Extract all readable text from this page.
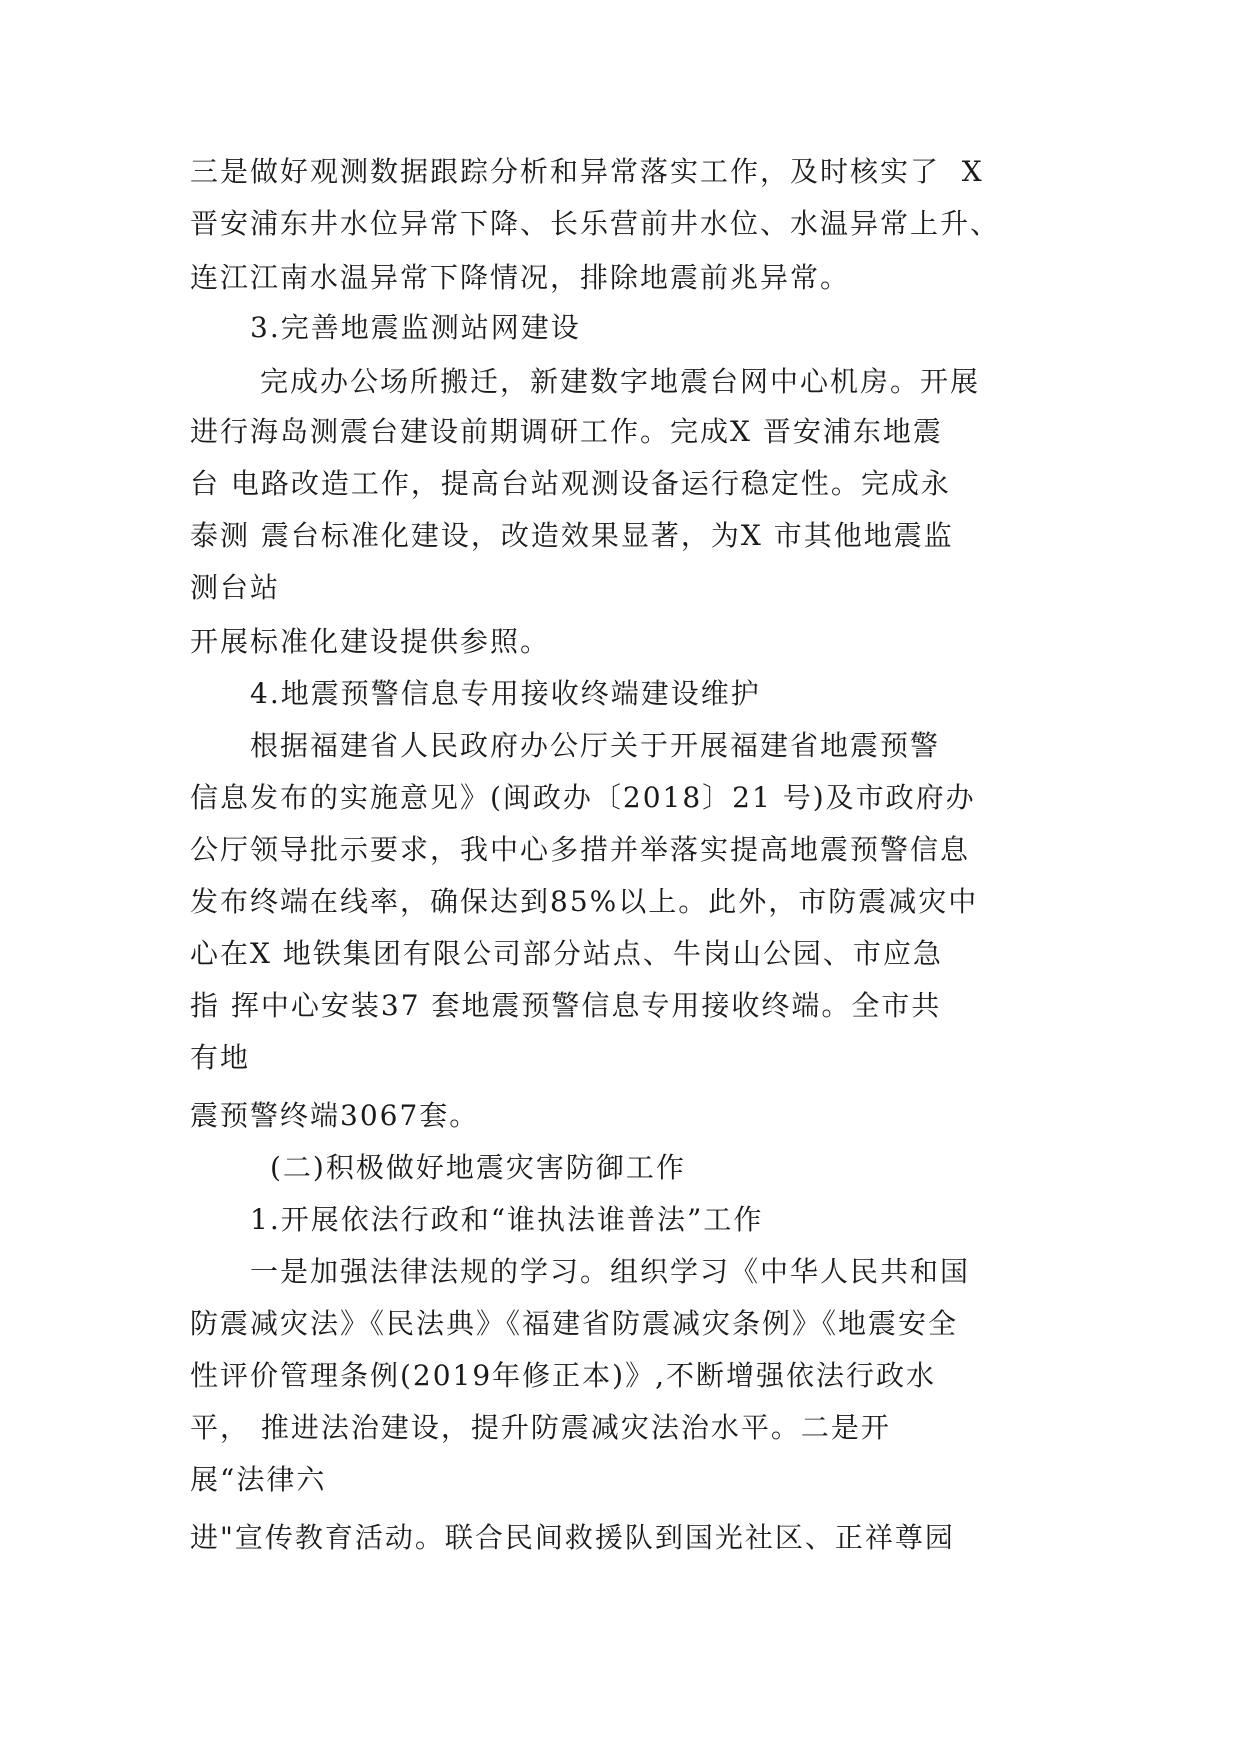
三是做好观测数据跟踪分析和异常落实工作，及时核实了  X
晋安浦东井水位异常下降、长乐营前井水位、水温异常上升、
连江江南水温异常下降情况，排除地震前兆异常。
3.完善地震监测站网建设
完成办公场所搬迁，新建数字地震台网中心机房。开展
进行海岛测震台建设前期调研工作。完成X 晋安浦东地震
台 电路改造工作，提高台站观测设备运行稳定性。完成永
泰测 震台标准化建设，改造效果显著，为X 市其他地震监
测台站
开展标准化建设提供参照。
4.地震预警信息专用接收终端建设维护
根据福建省人民政府办公厅关于开展福建省地震预警
信息发布的实施意见》(闽政办〔2018〕21 号)及市政府办
公厅领导批示要求，我中心多措并举落实提高地震预警信息
发布终端在线率，确保达到85%以上。此外，市防震减灾中
心在X 地铁集团有限公司部分站点、牛岗山公园、市应急
指 挥中心安装37 套地震预警信息专用接收终端。全市共
有地
震预警终端3067套。
(二)积极做好地震灾害防御工作
1.开展依法行政和“谁执法谁普法”工作
一是加强法律法规的学习。组织学习《中华人民共和国
防震减灾法》《民法典》《福建省防震减灾条例》《地震安全
性评价管理条例(2019年修正本)》,不断增强依法行政水
平， 推进法治建设，提升防震减灾法治水平。二是开
展“法律六
进"宣传教育活动。联合民间救援队到国光社区、正祥尊园
